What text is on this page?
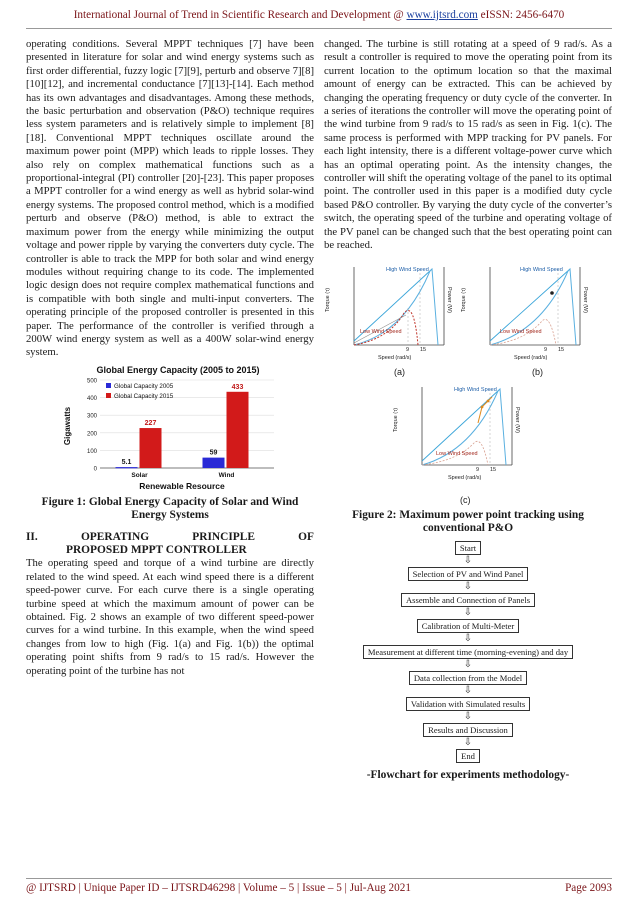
International Journal of Trend in Scientific Research and Development @ www.ijtsrd.com eISSN: 2456-6470

operating conditions. Several MPPT techniques [7] have been presented in literature for solar and wind energy systems such as first order differential, fuzzy logic [7][9], perturb and observe 7][8][10][12], and incremental conductance [7][13]-[14]. Each method has its own advantages and disadvantages. Among these methods, the basic perturbation and observation (P&O) technique requires less system parameters and is relatively simple to implement [8][18]. Conventional MPPT techniques oscillate around the maximum power point (MPP) which leads to ripple losses. They also rely on complex mathematical functions such as a proportional-integral (PI) controller [20]-[23]. This paper proposes a MPPT controller for a wind energy as well as hybrid solar-wind energy systems. The proposed control method, which is a modified perturb and observe (P&O) method, is able to extract the maximum power from the energy while minimizing the output voltage and power ripple by varying the converters duty cycle. The controller is able to track the MPP for both solar and wind energy modules without requiring change to its code. The implemented logic design does not require complex mathematical functions and is compatible with both single and multi-input converters. The operating principle of the proposed controller is presented in this paper. The performance of the controller is verified through a 200W wind energy system as well as a 400W solar-wind energy system.

Global Energy Capacity (2005 to 2015)
0
100
200
300
400
500
Gigawatts
5.1
227
Solar
59
433
Wind
Renewable Resource
Global Capacity 2005
Global Capacity 2015
Figure 1: Global Energy Capacity of Solar and Wind Energy Systems
II.	OPERATING	PRINCIPLE	OF
PROPOSED MPPT CONTROLLER

The operating speed and torque of a wind turbine are directly related to the wind speed. At each wind speed there is a different speed-power curve. For each curve there is a single operating turbine speed at which the maximum amount of power can be obtained. Fig. 2 shows an example of two different speed-power curves for a wind turbine. In this example, when the wind speed changes from low to high (Fig. 1(a) and Fig. 1(b)) the optimal operating point shifts from 9 rad/s to 15 rad/s. However the operating point of the turbine has not

changed. The turbine is still rotating at a speed of 9 rad/s. As a result a controller is required to move the operating point from its current location to the optimum location so that the maximal amount of energy can be extracted. This can be achieved by changing the operating frequency or duty cycle of the converter. In a series of iterations the controller will move the operating point of the wind turbine from 9 rad/s to 15 rad/s as seen in Fig. 1(c). The same process is performed with MPP tracking for PV panels. For each light intensity, there is a different voltage-power curve which has an optimal operating point. As the intensity changes, the controller will shift the operating voltage of the panel to its optimal point. The controller used in this paper is a modified duty cycle based P&O controller. By varying the duty cycle of the converter’s switch, the operating speed of the turbine and operating voltage of the PV panel can be changed such that the best operating point can be reached.

High Wind Speed
Low Wind Speed
Torque (τ)	Power (W)
9 15
Speed (rad/s)
(a)
High Wind Speed
Low Wind Speed
Torque (τ)	Power (W)
9 15
Speed (rad/s)
(b)
High Wind Speed
Low Wind Speed
Torque (τ)	Power (W)
9 15
Speed (rad/s)
(c)
Figure 2: Maximum power point tracking using
conventional P&O
Start
⇩
Selection of PV and Wind Panel
⇩
Assemble and Connection of Panels
⇩
Calibration of Multi-Meter
⇩
Measurement at different time (morning-evening) and day
⇩
Data collection from the Model
⇩
Validation with Simulated results
⇩
Results and Discussion
⇩
End
-Flowchart for experiments methodology-
@ IJTSRD | Unique Paper ID – IJTSRD46298 | Volume – 5 | Issue – 5 | Jul-Aug 2021	Page 2093
